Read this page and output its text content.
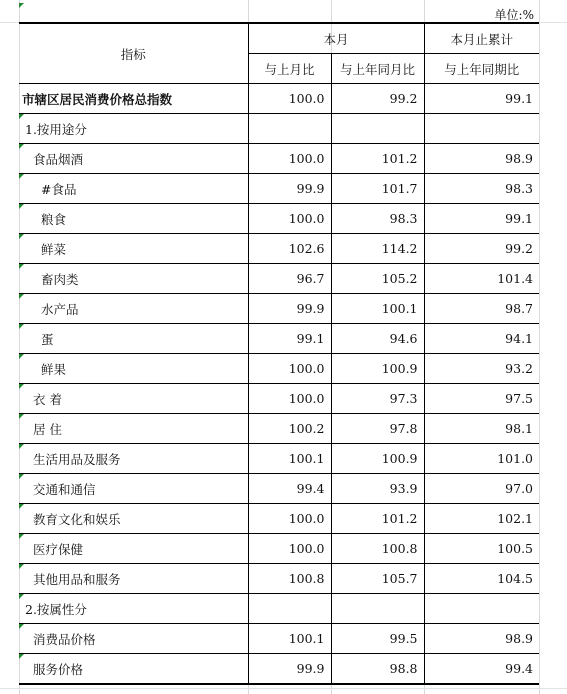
单位:%
指标	本月		本月止累计
	与上月比	与上年同月比	与上年同期比
市辖区居民消费价格总指数	100.0	99.2	99.1
1.按用途分			
食品烟酒	100.0	101.2	98.9
#食品	99.9	101.7	98.3
粮食	100.0	98.3	99.1
鲜菜	102.6	114.2	99.2
畜肉类	96.7	105.2	101.4
水产品	99.9	100.1	98.7
蛋	99.1	94.6	94.1
鲜果	100.0	100.9	93.2
衣 着	100.0	97.3	97.5
居 住	100.2	97.8	98.1
生活用品及服务	100.1	100.9	101.0
交通和通信	99.4	93.9	97.0
教育文化和娱乐	100.0	101.2	102.1
医疗保健	100.0	100.8	100.5
其他用品和服务	100.8	105.7	104.5
2.按属性分			
消费品价格	100.1	99.5	98.9
服务价格	99.9	98.8	99.4
